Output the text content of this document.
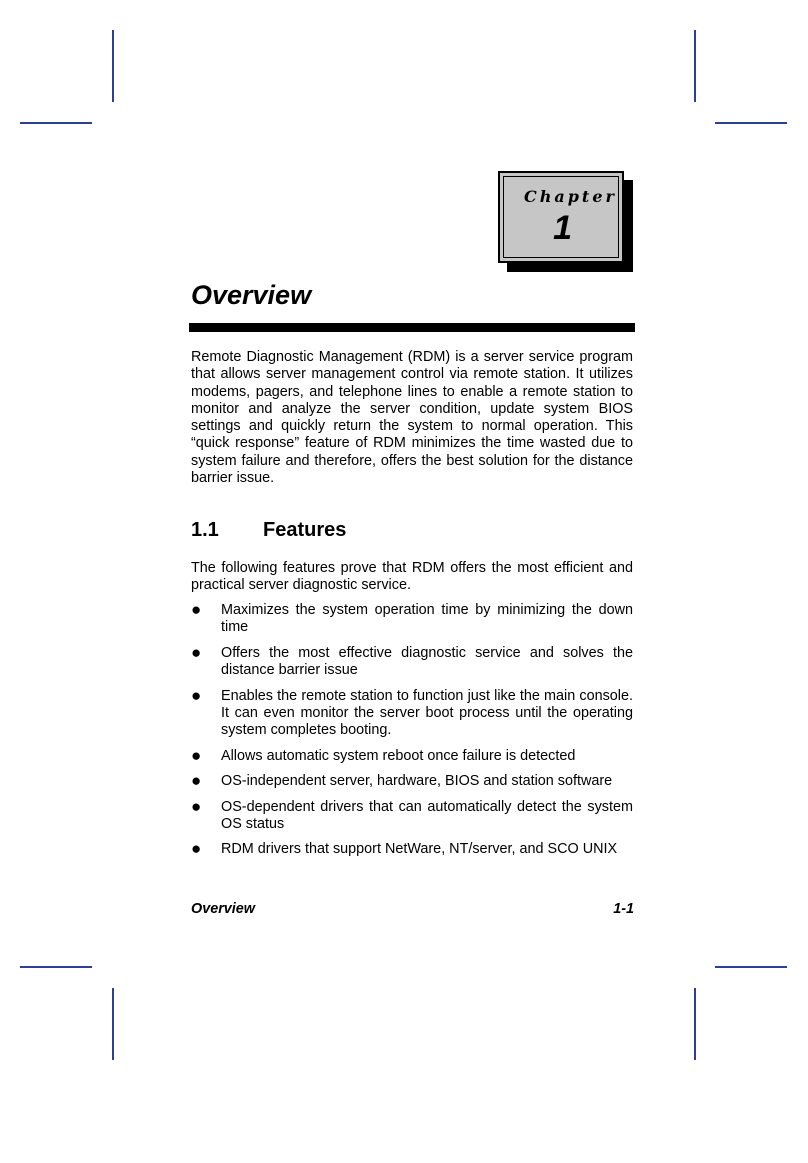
Chapter
1
Overview

Remote Diagnostic Management (RDM) is a server service program that allows server management control via remote station. It utilizes modems, pagers, and telephone lines to enable a remote station to monitor and analyze the server condition, update system BIOS settings and quickly return the system to normal operation. This “quick response” feature of RDM minimizes the time wasted due to system failure and therefore, offers the best solution for the distance barrier issue.

1.1 Features

The following features prove that RDM offers the most efficient and practical server diagnostic service.

● Maximizes the system operation time by minimizing the down time
● Offers the most effective diagnostic service and solves the distance barrier issue
● Enables the remote station to function just like the main console. It can even monitor the server boot process until the operating system completes booting.
● Allows automatic system reboot once failure is detected
● OS-independent server, hardware, BIOS and station software
● OS-dependent drivers that can automatically detect the system OS status
● RDM drivers that support NetWare, NT/server, and SCO UNIX
Overview	1-1
